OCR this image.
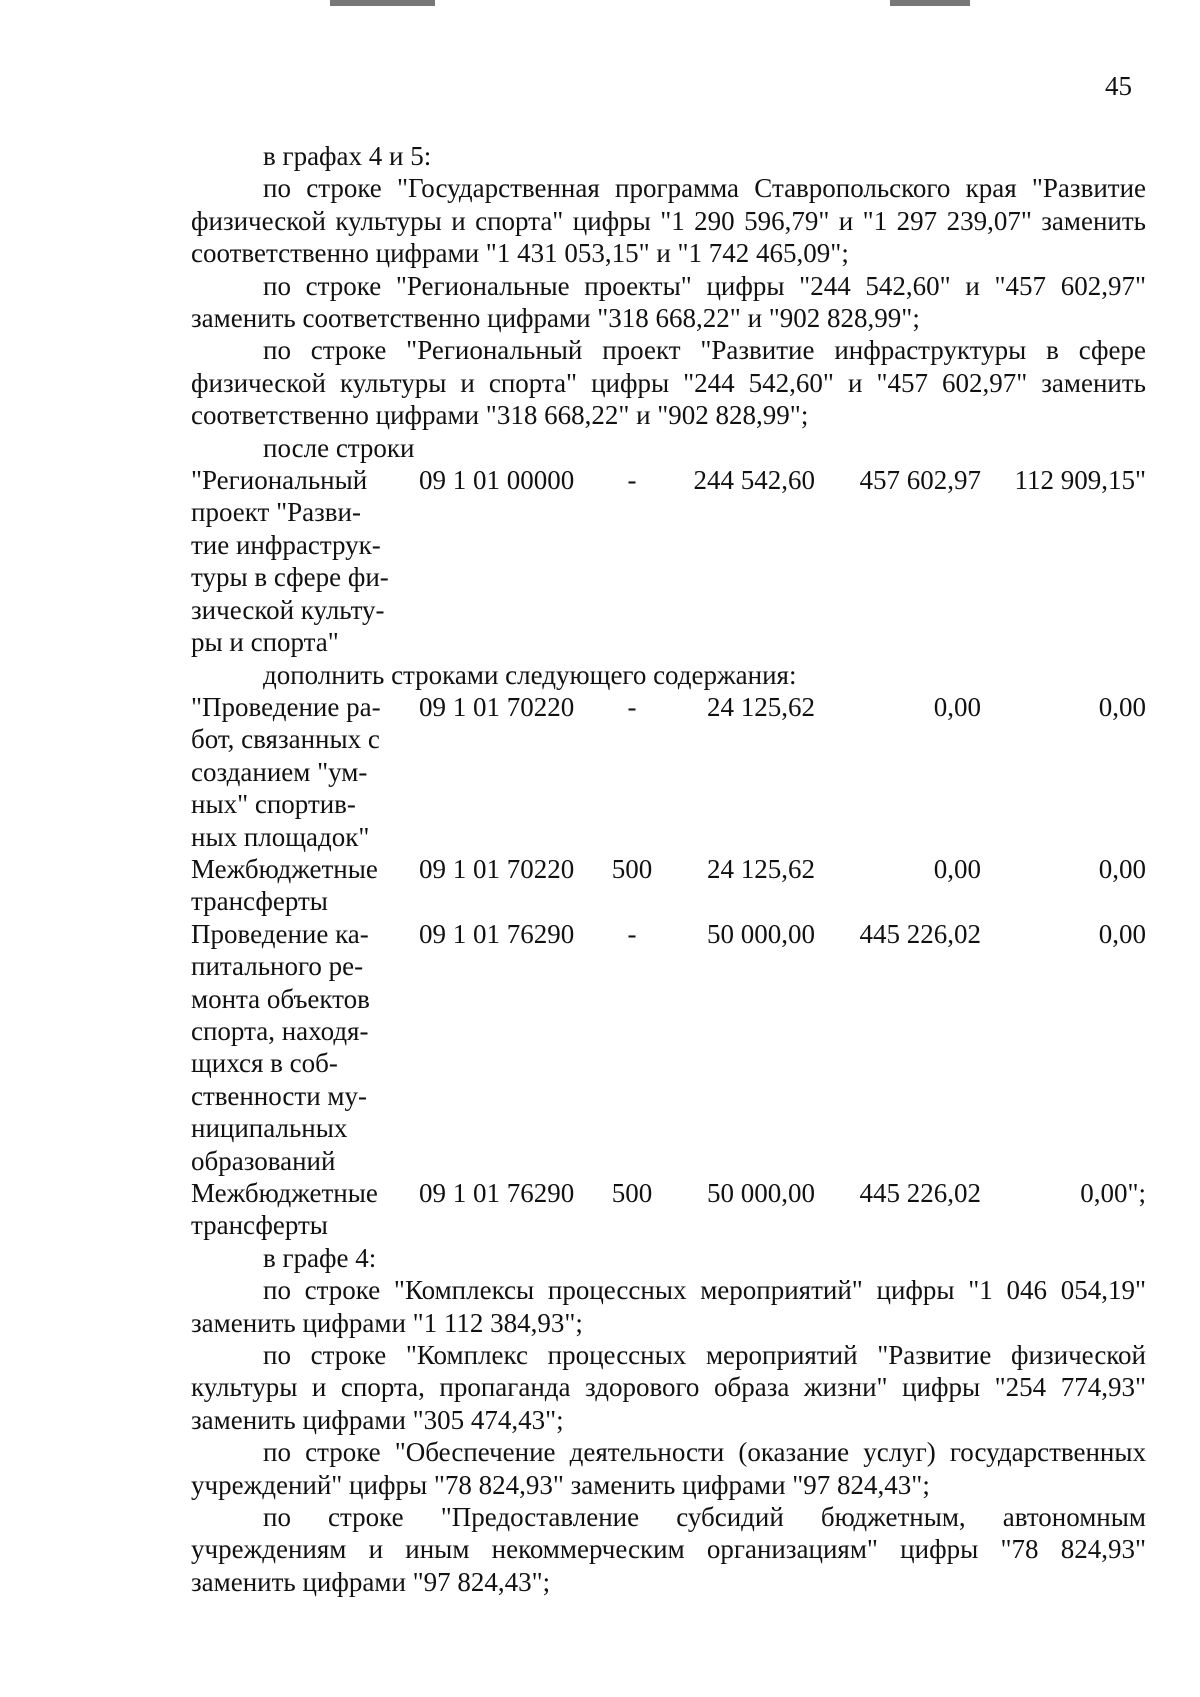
45

в графах 4 и 5:

по строке "Государственная программа Ставропольского края "Развитие физической культуры и спорта" цифры "1 290 596,79" и "1 297 239,07" заменить соответственно цифрами "1 431 053,15" и "1 742 465,09";

по строке "Региональные проекты" цифры "244 542,60" и "457 602,97" заменить соответственно цифрами "318 668,22" и "902 828,99";

по строке "Региональный проект "Развитие инфраструктуры в сфере физической культуры и спорта" цифры "244 542,60" и "457 602,97" заменить соответственно цифрами "318 668,22" и "902 828,99";

после строки

"Региональный
проект "Разви-
тие инфраструк-
туры в сфере фи-
зической культу-
ры и спорта"
09 1 01 00000	-	244 542,60	457 602,97	112 909,15"

дополнить строками следующего содержания:

"Проведение ра-
бот, связанных с
созданием "ум-
ных" спортив-
ных площадок"
09 1 01 70220	-	24 125,62	0,00	0,00
Межбюджетные
трансферты
09 1 01 70220	500	24 125,62	0,00	0,00
Проведение ка-
питального ре-
монта объектов
спорта, находя-
щихся в соб-
ственности му-
ниципальных
образований
09 1 01 76290	-	50 000,00	445 226,02	0,00
Межбюджетные
трансферты
09 1 01 76290	500	50 000,00	445 226,02	0,00";

в графе 4:

по строке "Комплексы процессных мероприятий" цифры "1 046 054,19" заменить цифрами "1 112 384,93";

по строке "Комплекс процессных мероприятий "Развитие физической культуры и спорта, пропаганда здорового образа жизни" цифры "254 774,93" заменить цифрами "305 474,43";

по строке "Обеспечение деятельности (оказание услуг) государственных учреждений" цифры "78 824,93" заменить цифрами "97 824,43";

по строке "Предоставление субсидий бюджетным, автономным учреждениям и иным некоммерческим организациям" цифры "78 824,93" заменить цифрами "97 824,43";
